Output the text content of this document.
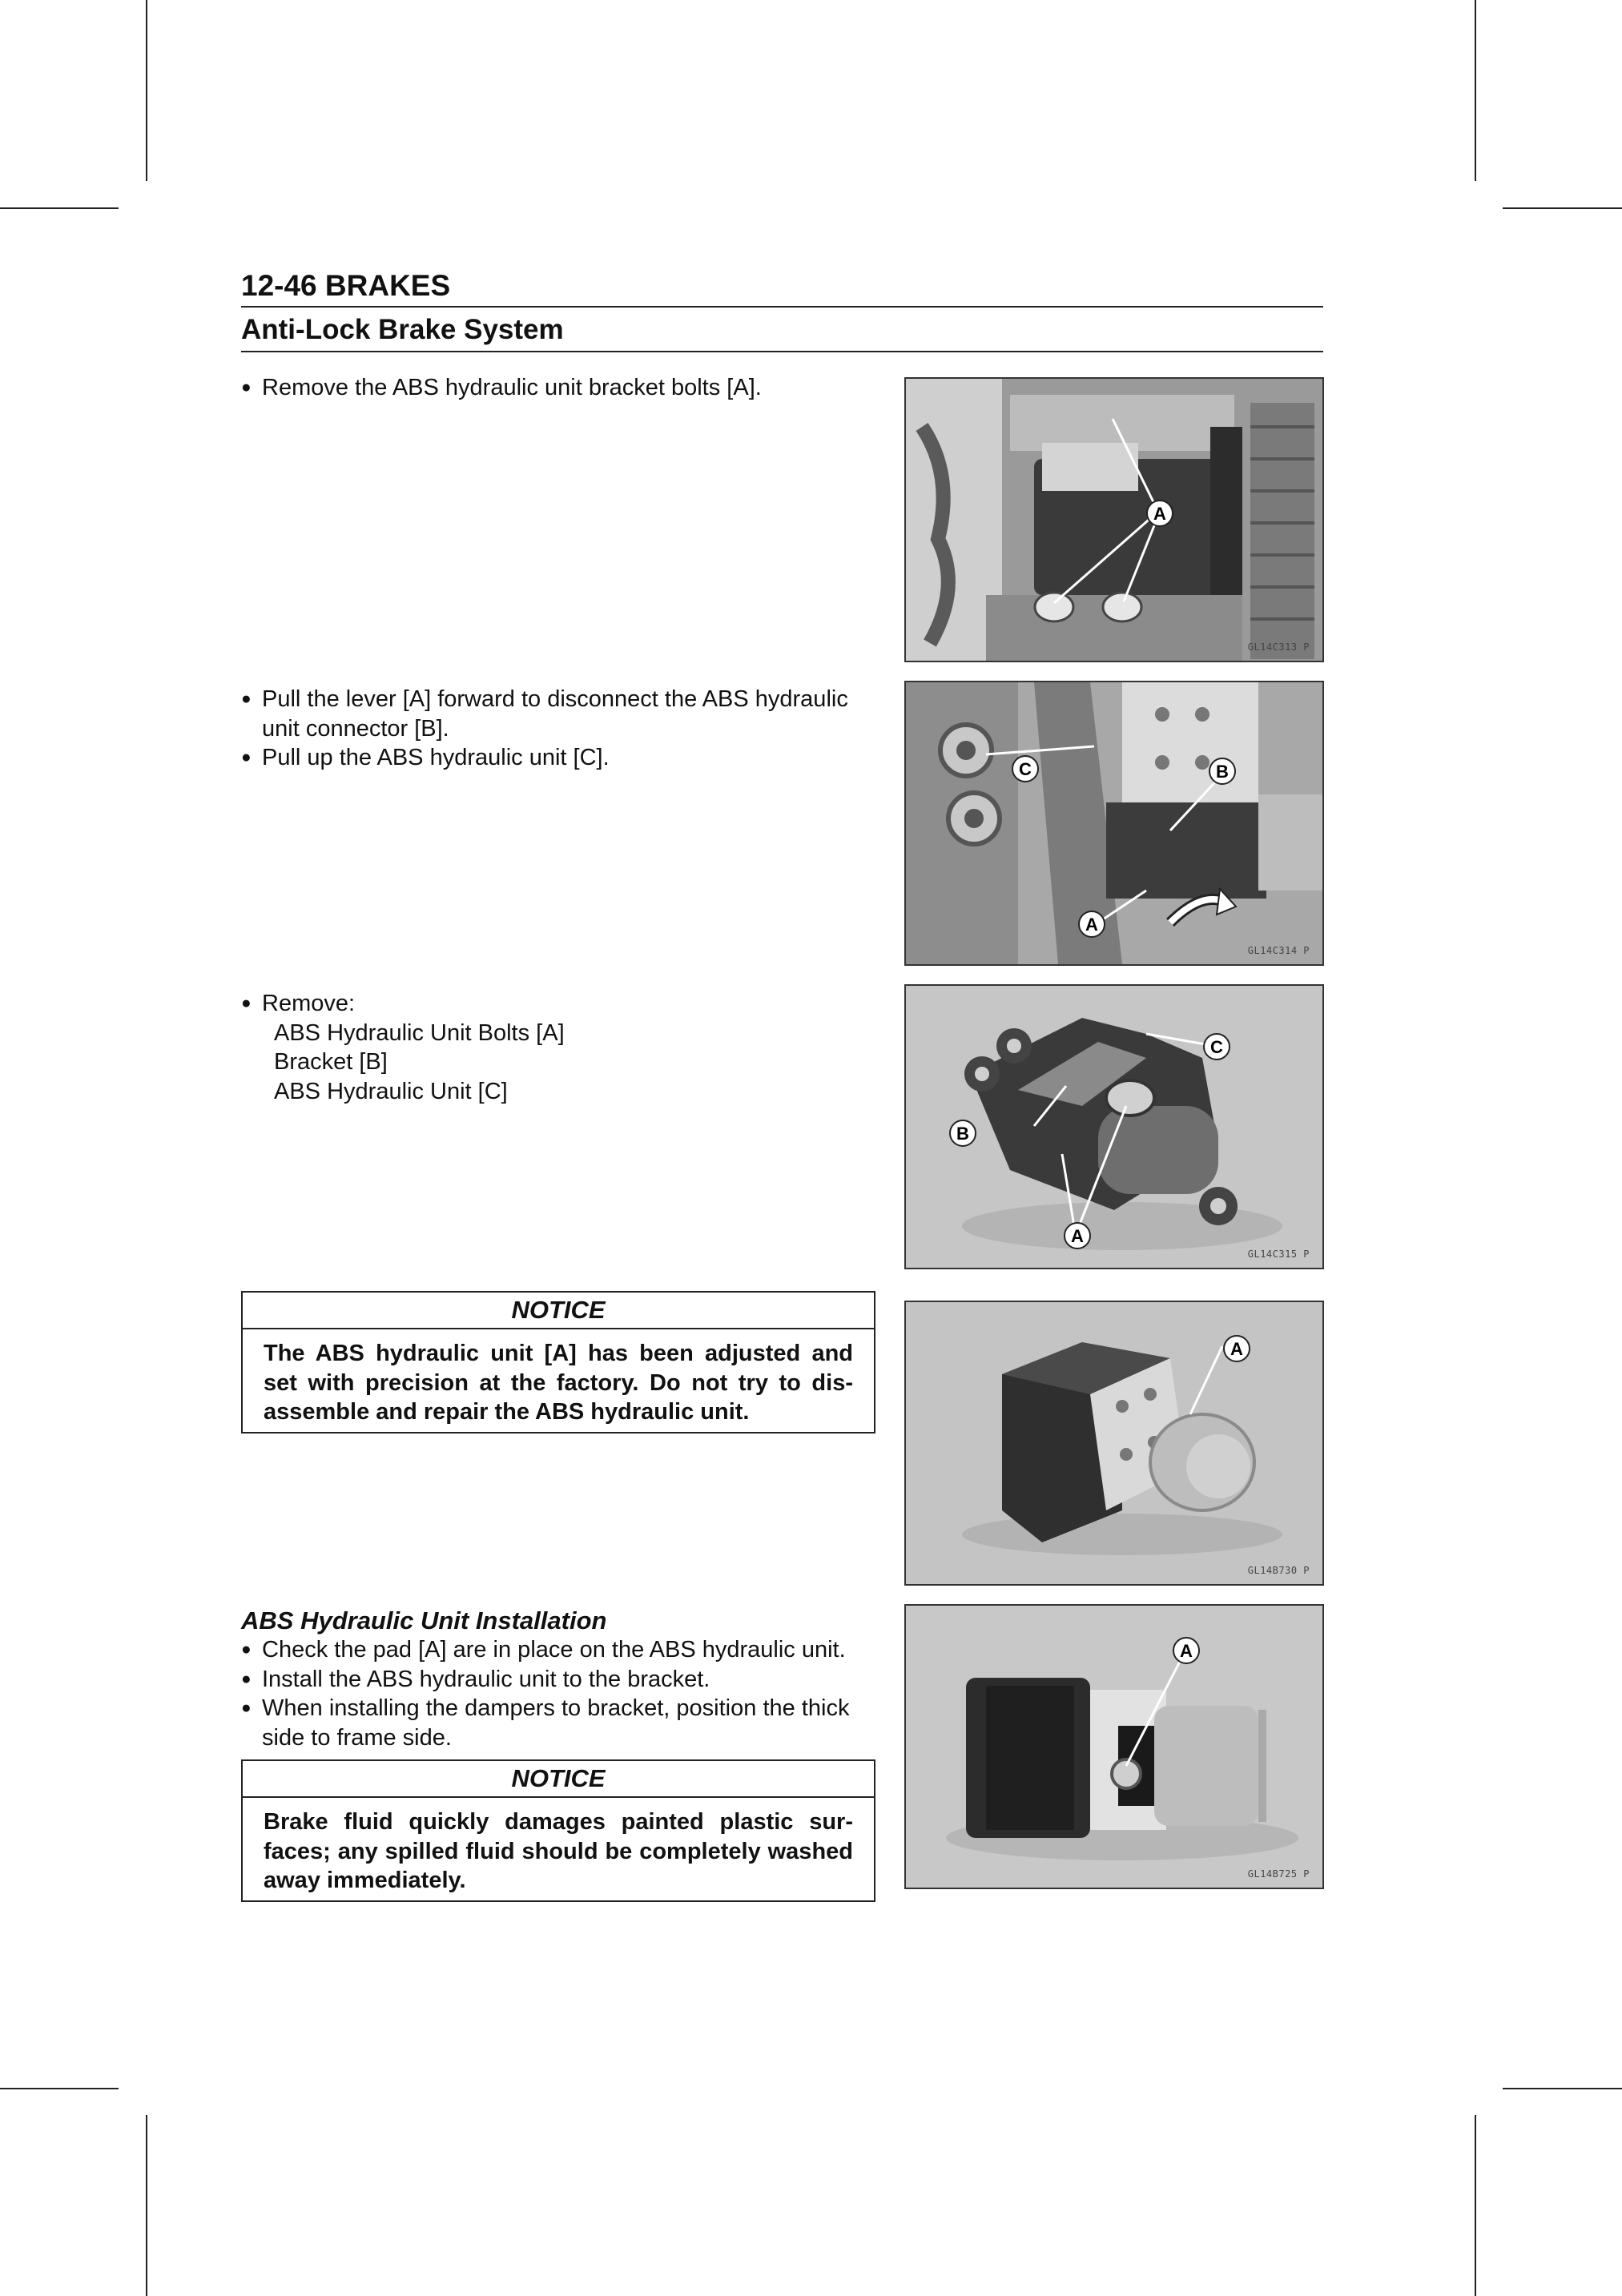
12-46 BRAKES
Anti-Lock Brake System
● Remove the ABS hydraulic unit bracket bolts [A].
● Pull the lever [A] forward to disconnect the ABS hydraulic
unit connector [B].
● Pull up the ABS hydraulic unit [C].
● Remove:
ABS Hydraulic Unit Bolts [A]
Bracket [B]
ABS Hydraulic Unit [C]
NOTICE
The ABS hydraulic unit [A] has been adjusted and set with precision at the factory. Do not try to dis-assemble and repair the ABS hydraulic unit.
ABS Hydraulic Unit Installation
● Check the pad [A] are in place on the ABS hydraulic unit.
● Install the ABS hydraulic unit to the bracket.
● When installing the dampers to bracket, position the thick
side to frame side.
NOTICE
Brake fluid quickly damages painted plastic sur-faces; any spilled fluid should be completely washed away immediately.
A
GL14C313 P
C	B
A
GL14C314 P
C
B
A
GL14C315 P
A
GL14B730 P
A
GL14B725 P
